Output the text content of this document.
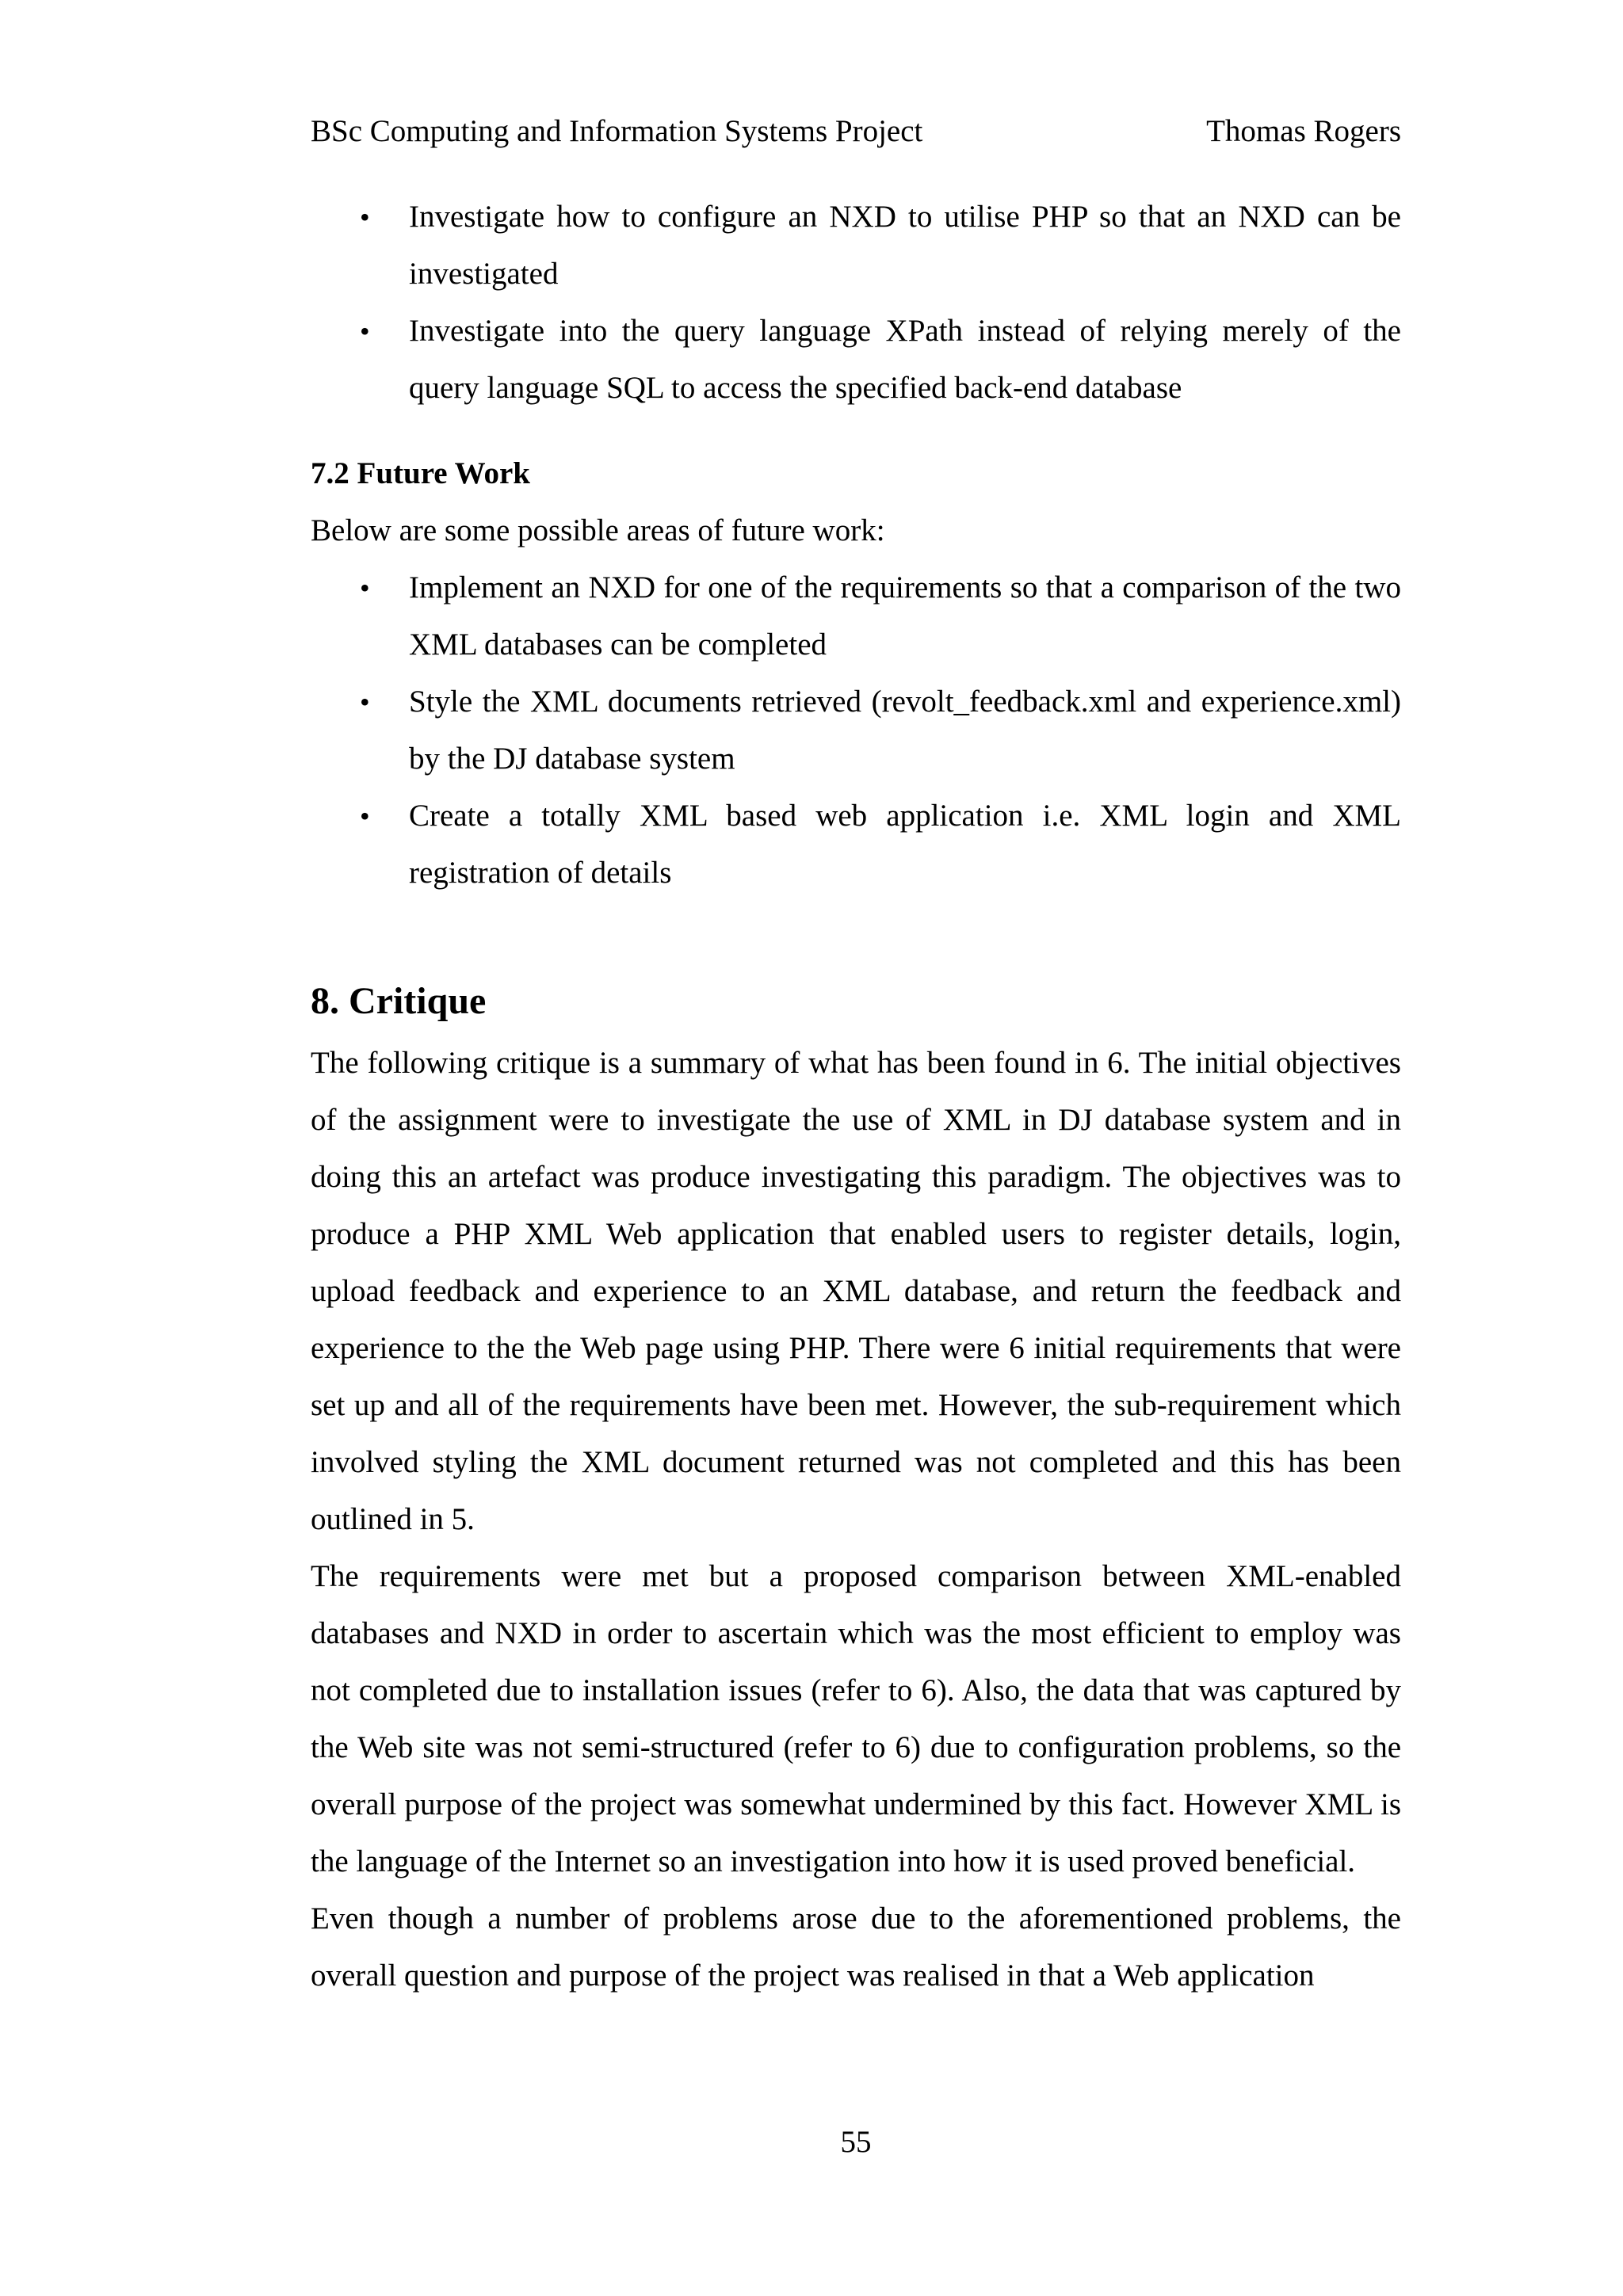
BSc Computing and Information Systems Project	Thomas Rogers
• Investigate how to configure an NXD to utilise PHP so that an NXD can be investigated
• Investigate into the query language XPath instead of relying merely of the query language SQL to access the specified back-end database
7.2 Future Work

Below are some possible areas of future work:

• Implement an NXD for one of the requirements so that a comparison of the two XML databases can be completed
• Style the XML documents retrieved (revolt_feedback.xml and experience.xml) by the DJ database system
• Create a totally XML based web application i.e. XML login and XML registration of details
8. Critique

The following critique is a summary of what has been found in 6. The initial objectives of the assignment were to investigate the use of XML in DJ database system and in doing this an artefact was produce investigating this paradigm. The objectives was to produce a PHP XML Web application that enabled users to register details, login, upload feedback and experience to an XML database, and return the feedback and experience to the the Web page using PHP. There were 6 initial requirements that were set up and all of the requirements have been met. However, the sub-requirement which involved styling the XML document returned was not completed and this has been outlined in 5.

The requirements were met but a proposed comparison between XML-enabled databases and NXD in order to ascertain which was the most efficient to employ was not completed due to installation issues (refer to 6). Also, the data that was captured by the Web site was not semi-structured (refer to 6) due to configuration problems, so the overall purpose of the project was somewhat undermined by this fact. However XML is the language of the Internet so an investigation into how it is used proved beneficial.

Even though a number of problems arose due to the aforementioned problems, the overall question and purpose of the project was realised in that a Web application

55
